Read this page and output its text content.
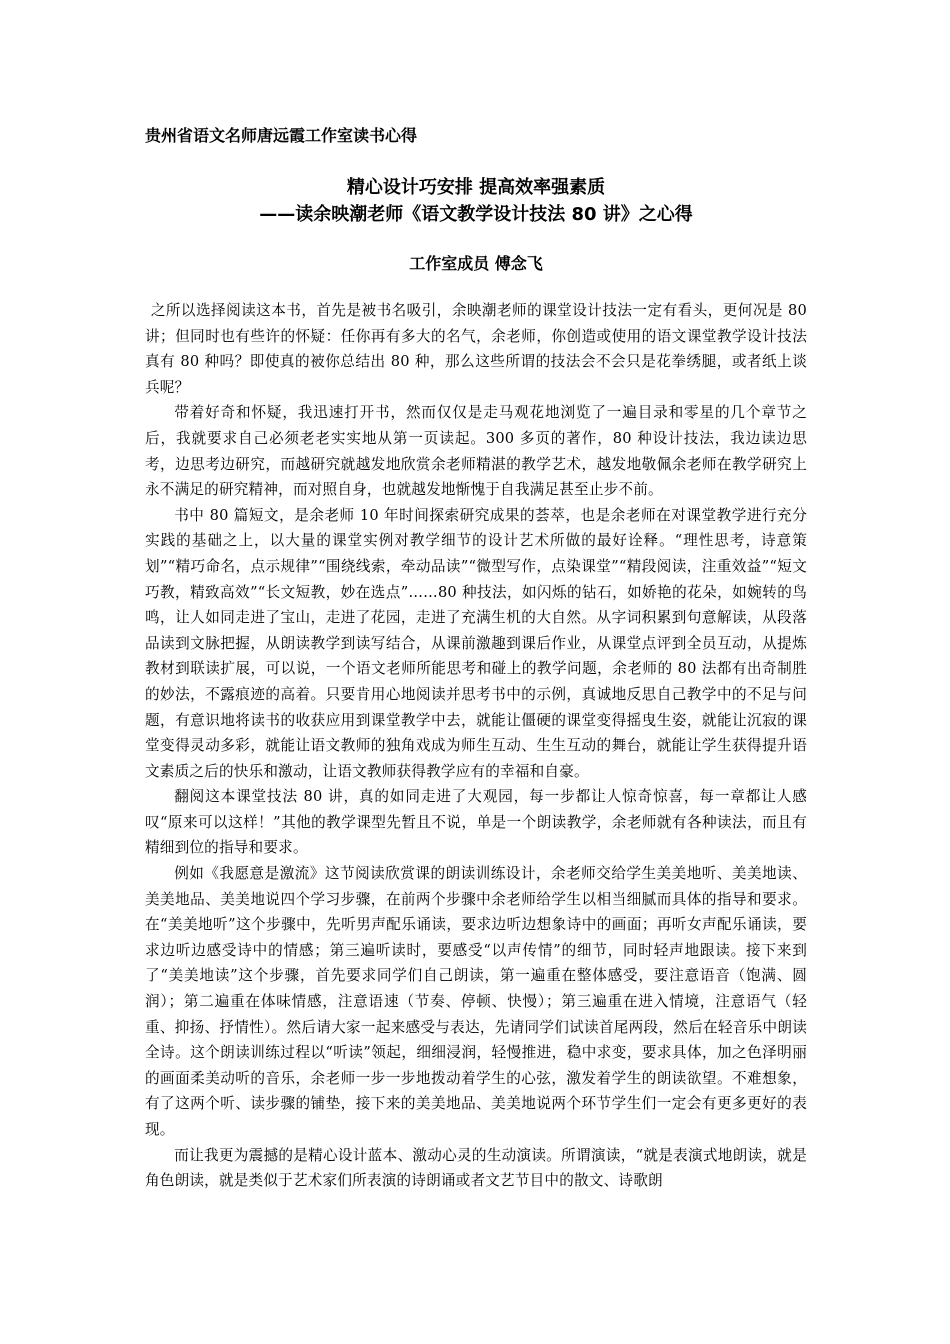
贵州省语文名师唐远霞工作室读书心得

精心设计巧安排 提高效率强素质
——读余映潮老师《语文教学设计技法 80 讲》之心得
工作室成员 傅念飞

之所以选择阅读这本书，首先是被书名吸引，余映潮老师的课堂设计技法一定有看头，更何况是 80 讲；但同时也有些许的怀疑：任你再有多大的名气，余老师，你创造或使用的语文课堂教学设计技法真有 80 种吗？即使真的被你总结出 80 种，那么这些所谓的技法会不会只是花拳绣腿，或者纸上谈兵呢？

带着好奇和怀疑，我迅速打开书，然而仅仅是走马观花地浏览了一遍目录和零星的几个章节之后，我就要求自己必须老老实实地从第一页读起。300 多页的著作，80 种设计技法，我边读边思考，边思考边研究，而越研究就越发地欣赏余老师精湛的教学艺术，越发地敬佩余老师在教学研究上永不满足的研究精神，而对照自身，也就越发地惭愧于自我满足甚至止步不前。

书中 80 篇短文，是余老师 10 年时间探索研究成果的荟萃，也是余老师在对课堂教学进行充分实践的基础之上，以大量的课堂实例对教学细节的设计艺术所做的最好诠释。“理性思考，诗意策划”“精巧命名，点示规律”“围绕线索，牵动品读”“微型写作，点染课堂”“精段阅读，注重效益”“短文巧教，精致高效”“长文短教，妙在选点”……80 种技法，如闪烁的钻石，如娇艳的花朵，如婉转的鸟鸣，让人如同走进了宝山，走进了花园，走进了充满生机的大自然。从字词积累到句意解读，从段落品读到文脉把握，从朗读教学到读写结合，从课前激趣到课后作业，从课堂点评到全员互动，从提炼教材到联读扩展，可以说，一个语文老师所能思考和碰上的教学问题，余老师的 80 法都有出奇制胜的妙法，不露痕迹的高着。只要肯用心地阅读并思考书中的示例，真诚地反思自己教学中的不足与问题，有意识地将读书的收获应用到课堂教学中去，就能让僵硬的课堂变得摇曳生姿，就能让沉寂的课堂变得灵动多彩，就能让语文教师的独角戏成为师生互动、生生互动的舞台，就能让学生获得提升语文素质之后的快乐和激动，让语文教师获得教学应有的幸福和自豪。

翻阅这本课堂技法 80 讲，真的如同走进了大观园，每一步都让人惊奇惊喜，每一章都让人感叹“原来可以这样！”其他的教学课型先暂且不说，单是一个朗读教学，余老师就有各种读法，而且有精细到位的指导和要求。

例如《我愿意是激流》这节阅读欣赏课的朗读训练设计，余老师交给学生美美地听、美美地读、美美地品、美美地说四个学习步骤，在前两个步骤中余老师给学生以相当细腻而具体的指导和要求。在“美美地听”这个步骤中，先听男声配乐诵读，要求边听边想象诗中的画面；再听女声配乐诵读，要求边听边感受诗中的情感；第三遍听读时，要感受“以声传情”的细节，同时轻声地跟读。接下来到了“美美地读”这个步骤，首先要求同学们自己朗读，第一遍重在整体感受，要注意语音（饱满、圆润）；第二遍重在体味情感，注意语速（节奏、停顿、快慢）；第三遍重在进入情境，注意语气（轻重、抑扬、抒情性）。然后请大家一起来感受与表达，先请同学们试读首尾两段，然后在轻音乐中朗读全诗。这个朗读训练过程以“听读”领起，细细浸润，轻慢推进，稳中求变，要求具体，加之色泽明丽的画面柔美动听的音乐，余老师一步一步地拨动着学生的心弦，激发着学生的朗读欲望。不难想象，有了这两个听、读步骤的铺垫，接下来的美美地品、美美地说两个环节学生们一定会有更多更好的表现。

而让我更为震撼的是精心设计蓝本、激动心灵的生动演读。所谓演读，“就是表演式地朗读，就是角色朗读，就是类似于艺术家们所表演的诗朗诵或者文艺节目中的散文、诗歌朗
